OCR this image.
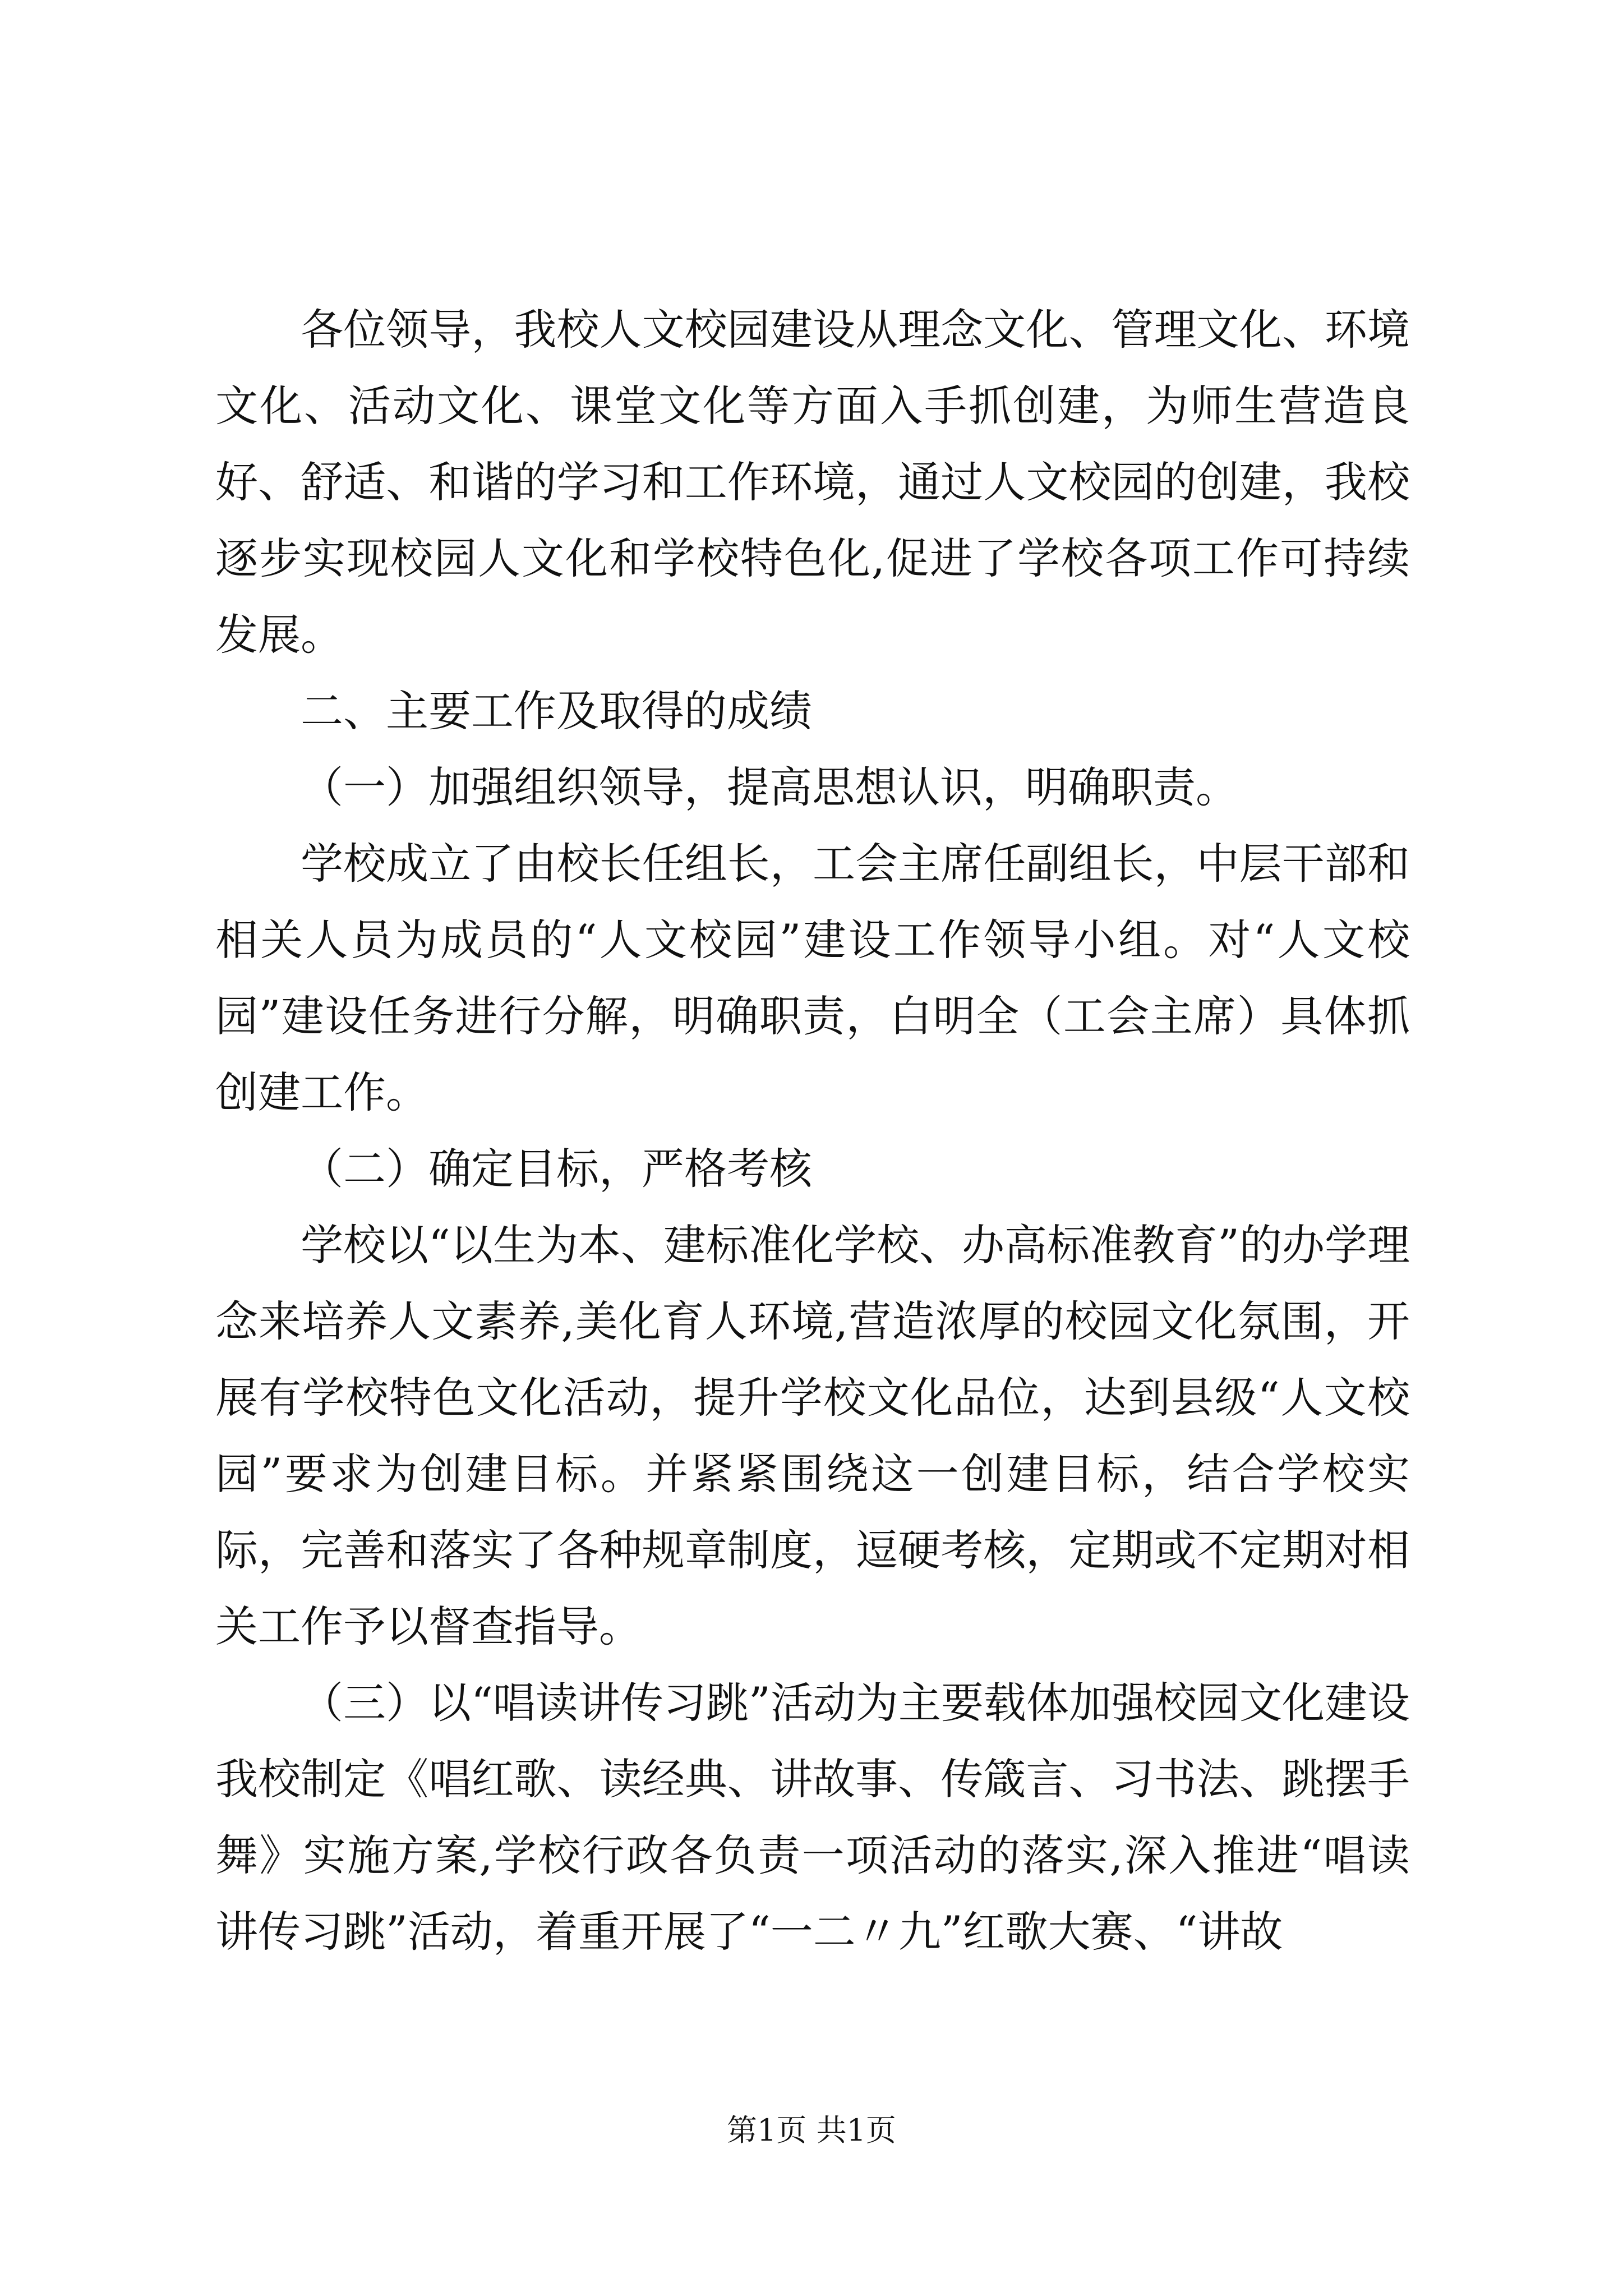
各位领导，我校人文校园建设从理念文化、管理文化、环境文化、活动文化、课堂文化等方面入手抓创建，为师生营造良好、舒适、和谐的学习和工作环境，通过人文校园的创建，我校逐步实现校园人文化和学校特色化,促进了学校各项工作可持续发展。

二、主要工作及取得的成绩

（一）加强组织领导，提高思想认识，明确职责。

学校成立了由校长任组长，工会主席任副组长，中层干部和相关人员为成员的“人文校园”建设工作领导小组。对“人文校园”建设任务进行分解，明确职责，白明全（工会主席）具体抓创建工作。

（二）确定目标，严格考核

学校以“以生为本、建标准化学校、办高标准教育”的办学理念来培养人文素养,美化育人环境,营造浓厚的校园文化氛围，开展有学校特色文化活动，提升学校文化品位，达到县级“人文校园”要求为创建目标。并紧紧围绕这一创建目标，结合学校实际，完善和落实了各种规章制度，逗硬考核，定期或不定期对相关工作予以督查指导。

（三）以“唱读讲传习跳”活动为主要载体加强校园文化建设我校制定《唱红歌、读经典、讲故事、传箴言、习书法、跳摆手舞》实施方案,学校行政各负责一项活动的落实,深入推进“唱读讲传习跳”活动，着重开展了“一二〃九”红歌大赛、“讲故

第1页 共1页
